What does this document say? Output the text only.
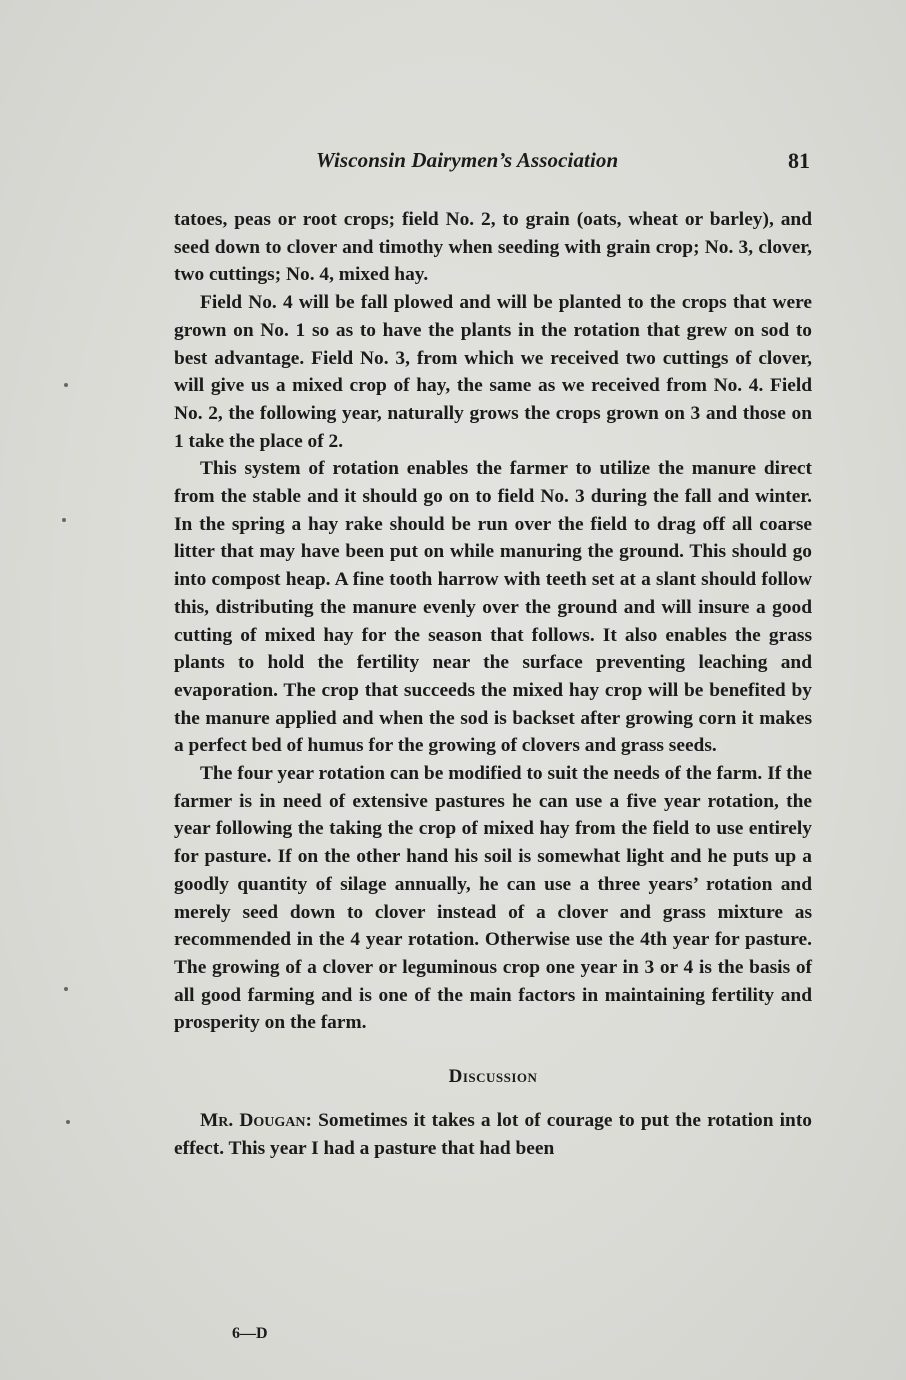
Wisconsin Dairymen’s Association	81

tatoes, peas or root crops; field No. 2, to grain (oats, wheat or barley), and seed down to clover and timothy when seeding with grain crop; No. 3, clover, two cuttings; No. 4, mixed hay.

Field No. 4 will be fall plowed and will be planted to the crops that were grown on No. 1 so as to have the plants in the rotation that grew on sod to best advantage. Field No. 3, from which we received two cuttings of clover, will give us a mixed crop of hay, the same as we received from No. 4. Field No. 2, the following year, naturally grows the crops grown on 3 and those on 1 take the place of 2.

This system of rotation enables the farmer to utilize the manure direct from the stable and it should go on to field No. 3 during the fall and winter. In the spring a hay rake should be run over the field to drag off all coarse litter that may have been put on while manuring the ground. This should go into compost heap. A fine tooth harrow with teeth set at a slant should follow this, distributing the manure evenly over the ground and will insure a good cutting of mixed hay for the season that follows. It also enables the grass plants to hold the fertility near the surface preventing leaching and evaporation. The crop that succeeds the mixed hay crop will be benefited by the manure applied and when the sod is backset after growing corn it makes a perfect bed of humus for the growing of clovers and grass seeds.

The four year rotation can be modified to suit the needs of the farm. If the farmer is in need of extensive pastures he can use a five year rotation, the year following the taking the crop of mixed hay from the field to use entirely for pasture. If on the other hand his soil is somewhat light and he puts up a goodly quantity of silage annually, he can use a three years’ rotation and merely seed down to clover instead of a clover and grass mixture as recommended in the 4 year rotation. Otherwise use the 4th year for pasture. The growing of a clover or leguminous crop one year in 3 or 4 is the basis of all good farming and is one of the main factors in maintaining fertility and prosperity on the farm.

Discussion

Mr. Dougan: Sometimes it takes a lot of courage to put the rotation into effect. This year I had a pasture that had been

6—D
